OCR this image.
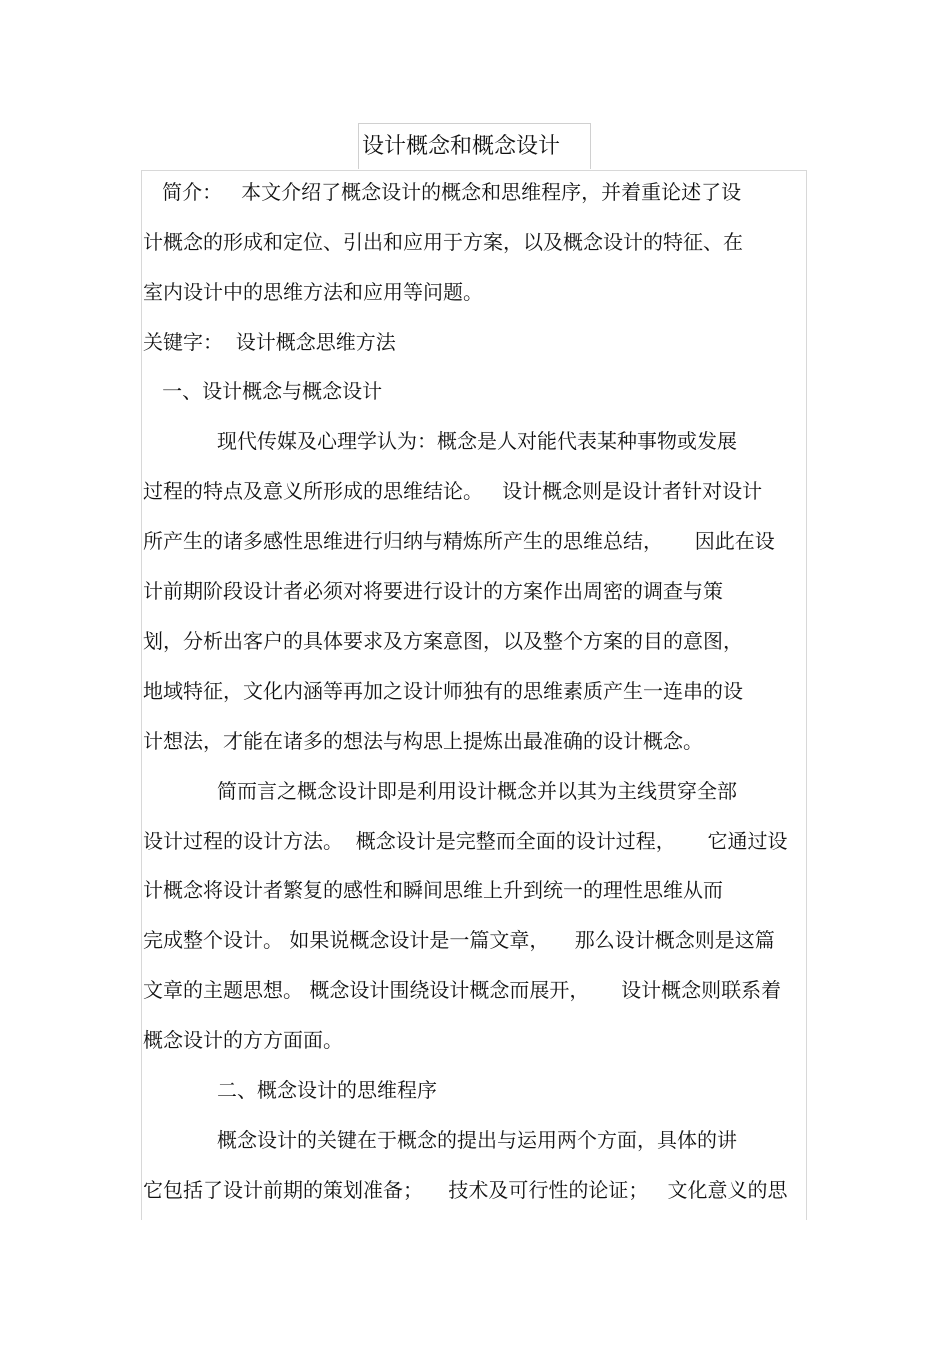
设计概念和概念设计
简介：   本文介绍了概念设计的概念和思维程序，并着重论述了设
计概念的形成和定位、引出和应用于方案，以及概念设计的特征、在
室内设计中的思维方法和应用等问题。
关键字：  设计概念思维方法
一、设计概念与概念设计
现代传媒及心理学认为：概念是人对能代表某种事物或发展
过程的特点及意义所形成的思维结论。   设计概念则是设计者针对设计
所产生的诸多感性思维进行归纳与精炼所产生的思维总结，     因此在设
计前期阶段设计者必须对将要进行设计的方案作出周密的调查与策
划，分析出客户的具体要求及方案意图，以及整个方案的目的意图，
地域特征，文化内涵等再加之设计师独有的思维素质产生一连串的设
计想法，才能在诸多的想法与构思上提炼出最准确的设计概念。
简而言之概念设计即是利用设计概念并以其为主线贯穿全部
设计过程的设计方法。  概念设计是完整而全面的设计过程，     它通过设
计概念将设计者繁复的感性和瞬间思维上升到统一的理性思维从而
完成整个设计。 如果说概念设计是一篇文章，    那么设计概念则是这篇
文章的主题思想。 概念设计围绕设计概念而展开，     设计概念则联系着
概念设计的方方面面。
二、概念设计的思维程序
概念设计的关键在于概念的提出与运用两个方面，具体的讲
它包括了设计前期的策划准备；    技术及可行性的论证；   文化意义的思
